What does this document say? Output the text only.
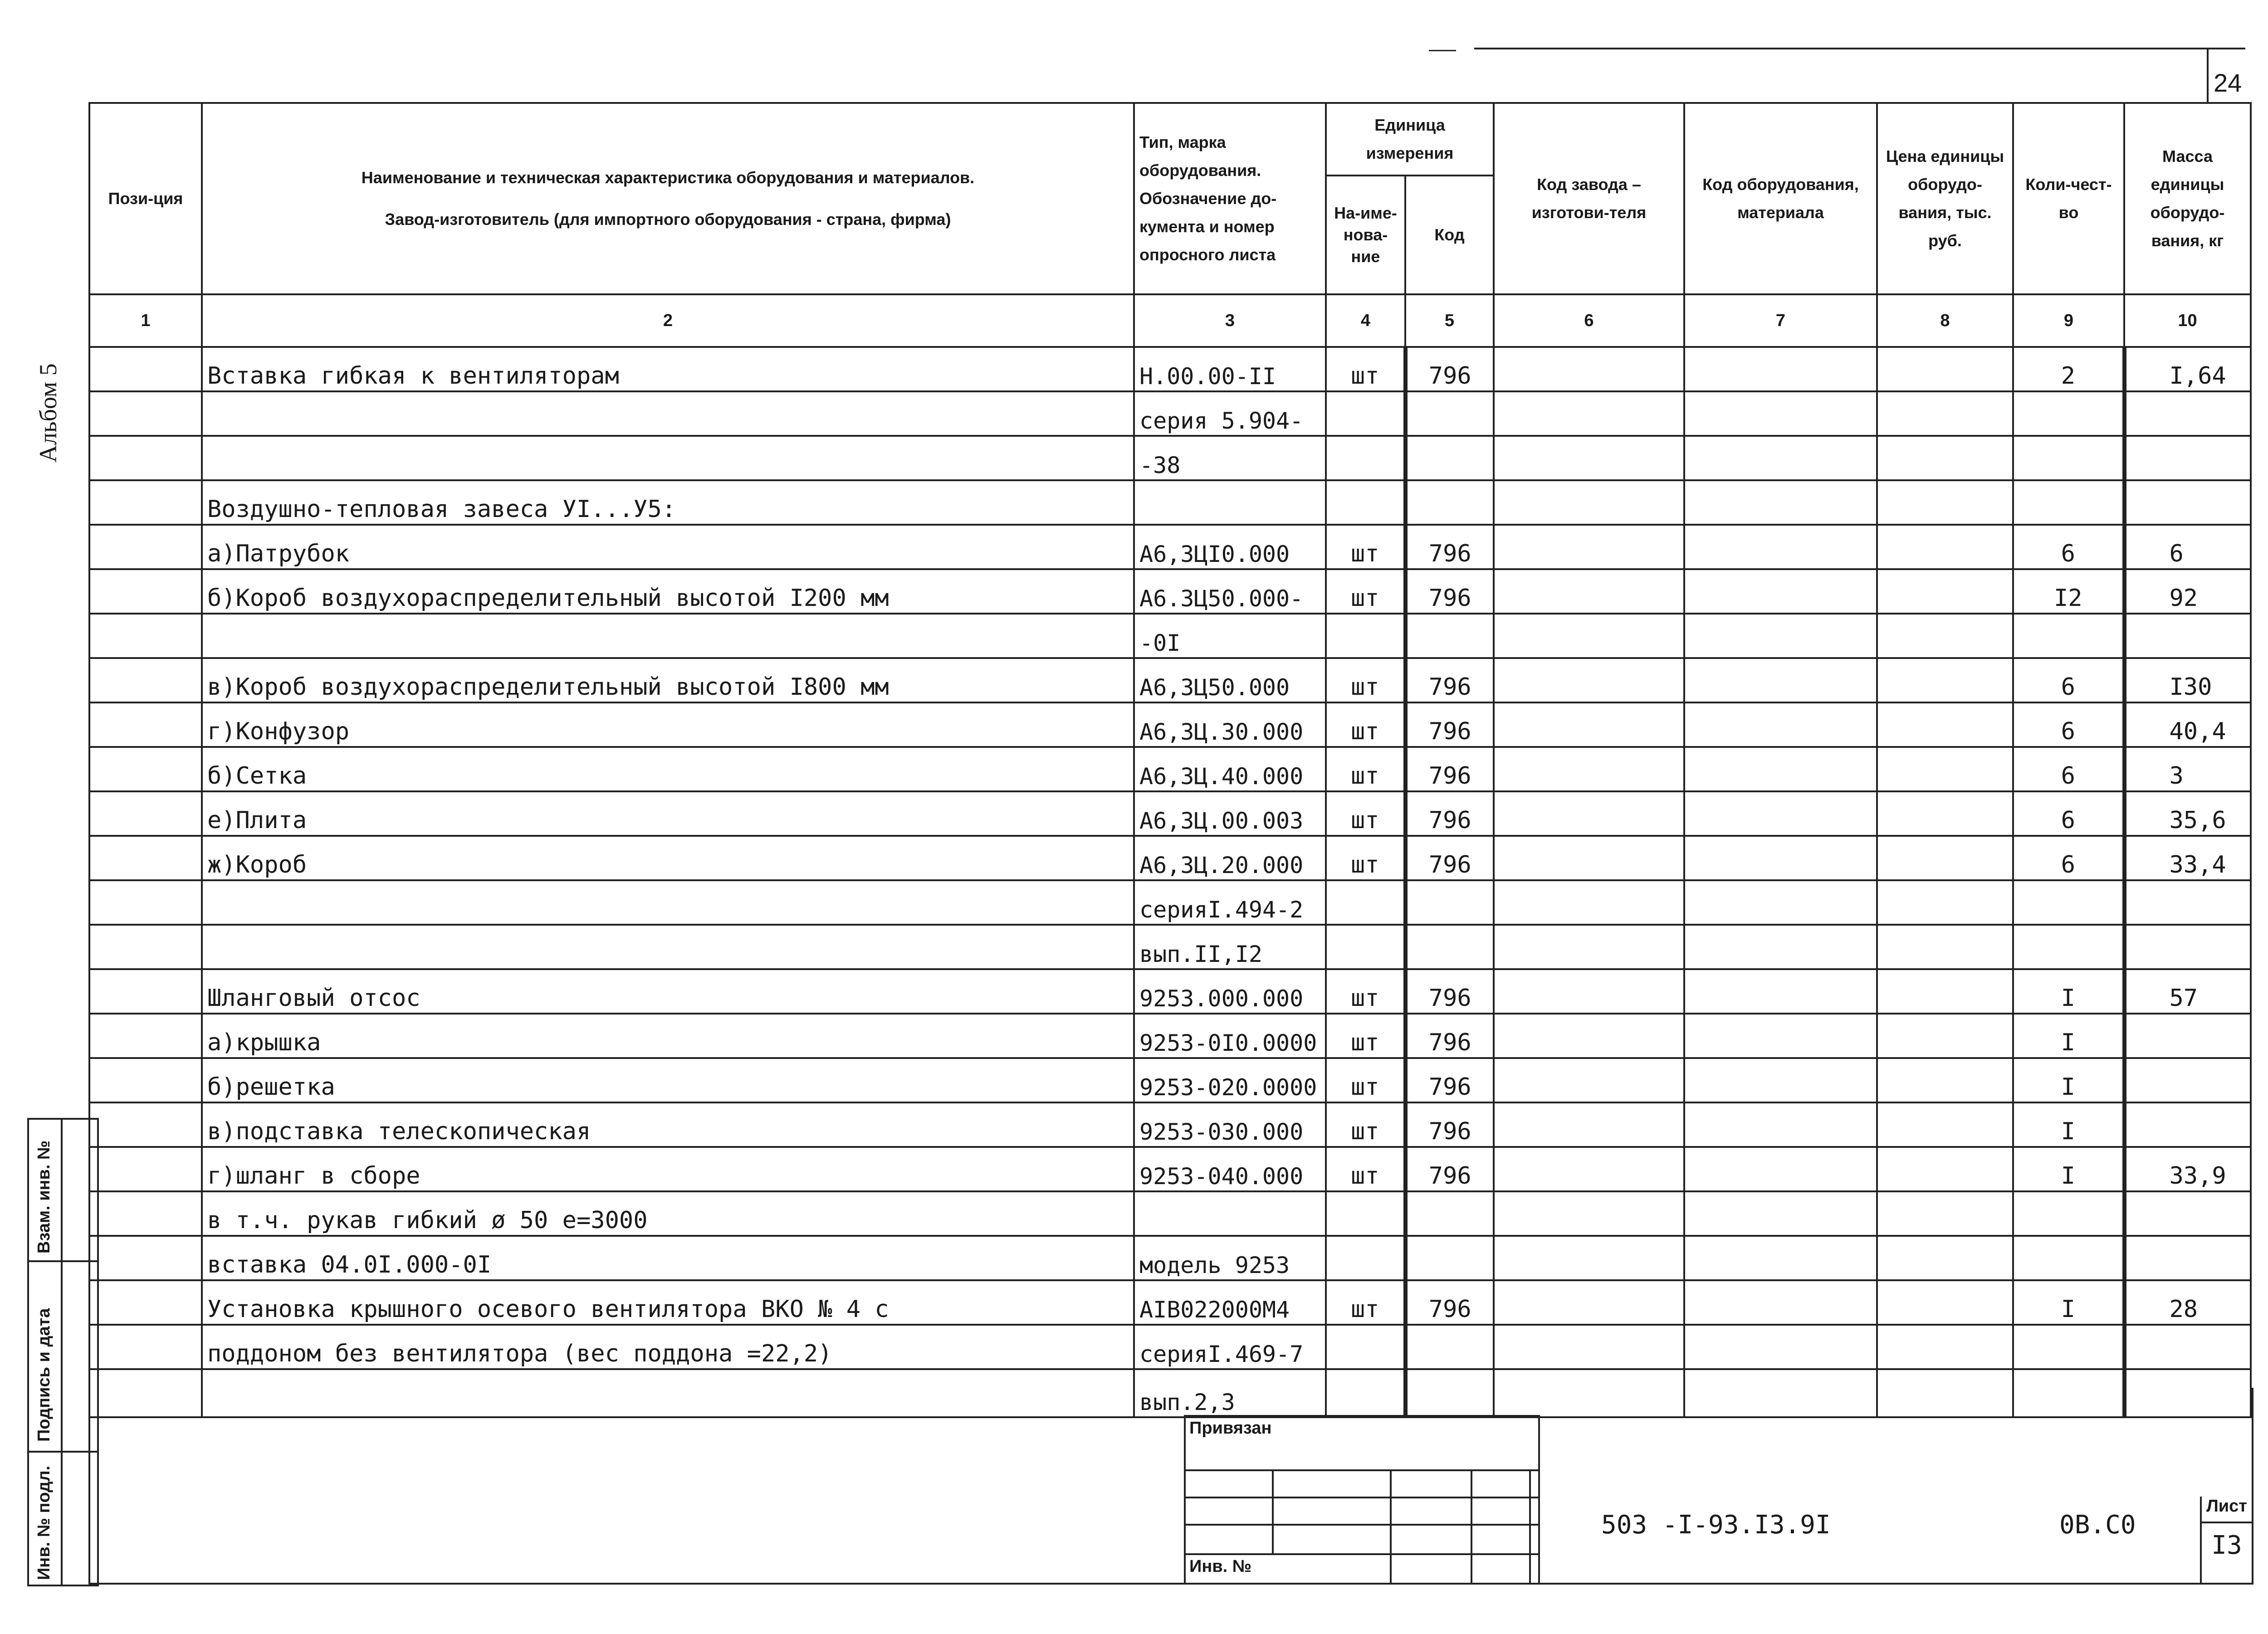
24
Альбом 5
Пози-ция	Наименование и техническая характеристика оборудования и материалов.
Завод-изготовитель (для импортного оборудования - страна, фирма)	Тип, марка оборудования. Обозначение до-кумента и номер опросного листа	Единица измерения		Код завода – изготови-теля	Код оборудования, материала	Цена единицы оборудо-вания, тыс. руб.	Коли-чест-во	Масса единицы оборудо-вания, кг
			На-име-нова-ние	Код					
1	2	3	4	5	6	7	8	9	10
	Вставка гибкая к вентиляторам	Н.00.00-II	шт	796				2	I,64
		серия 5.904-							
		-38							
	Воздушно-тепловая завеса УI...У5:								
	а)Патрубок	А6,3ЦI0.000	шт	796				6	6
	б)Короб воздухораспределительный высотой I200 мм	А6.3Ц50.000-	шт	796				I2	92
		-0I							
	в)Короб воздухораспределительный высотой I800 мм	А6,3Ц50.000	шт	796				6	I30
	г)Конфузор	А6,3Ц.30.000	шт	796				6	40,4
	б)Сетка	А6,3Ц.40.000	шт	796				6	3
	е)Плита	А6,3Ц.00.003	шт	796				6	35,6
	ж)Короб	А6,3Ц.20.000	шт	796				6	33,4
		серияI.494-2							
		вып.II,I2							
	Шланговый отсос	9253.000.000	шт	796				I	57
	а)крышка	9253-0I0.0000	шт	796				I	
	б)решетка	9253-020.0000	шт	796				I	
	в)подставка телескопическая	9253-030.000	шт	796				I	
	г)шланг в сборе	9253-040.000	шт	796				I	33,9
	в т.ч. рукав гибкий ø 50 e=3000								
	вставка 04.0I.000-0I	модель 9253							
	Установка крышного осевого вентилятора ВКО № 4 с	AIB022000M4	шт	796				I	28
	поддоном без вентилятора (вес поддона =22,2)	серияI.469-7							
		вып.2,3							
Взам. инв. №
Подпись и дата
Инв. № подл.
Привязан				

Инв. №				
503 -I-93.I3.9I	0В.С0
Лист
I3
